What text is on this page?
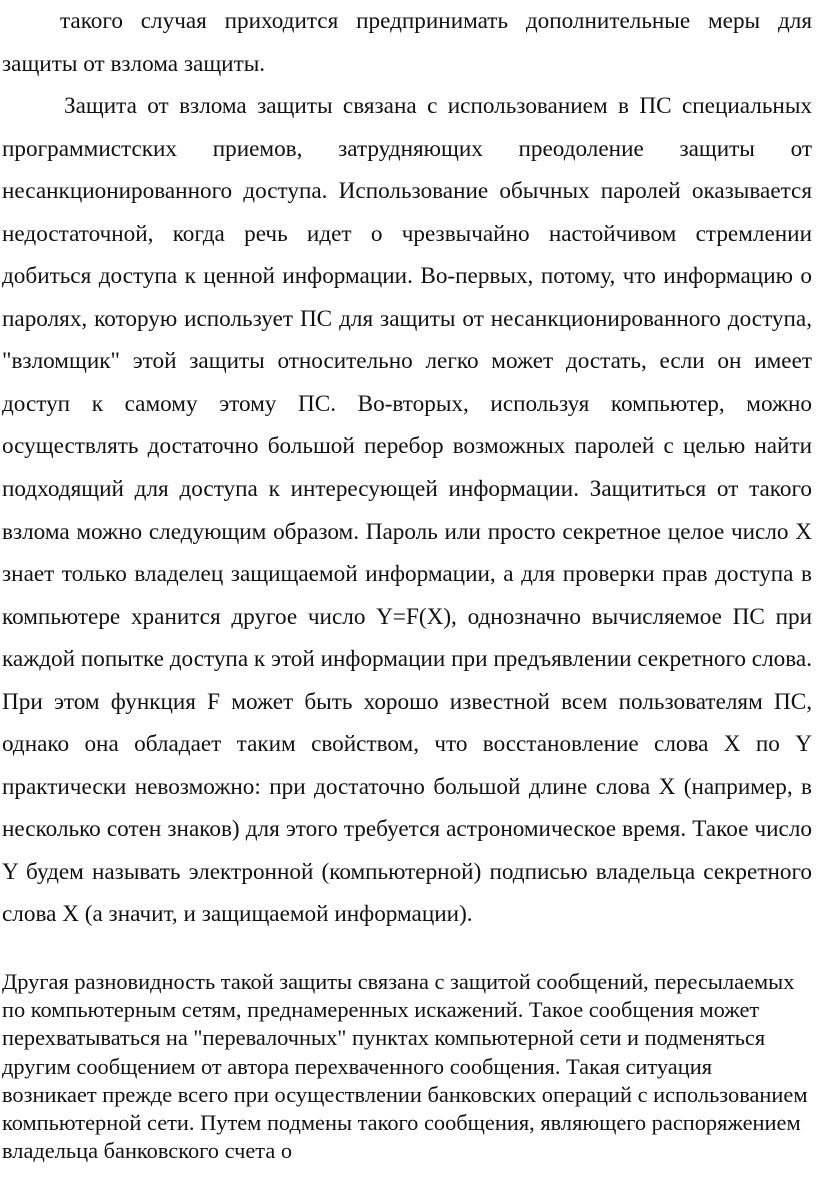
такого случая приходится предпринимать дополнительные меры для защиты от взлома защиты.

Защита от взлома защиты связана с использованием в ПС специальных программистских приемов, затрудняющих преодоление защиты от несанкционированного доступа. Использование обычных паролей оказывается недостаточной, когда речь идет о чрезвычайно настойчивом стремлении добиться доступа к ценной информации. Во-первых, потому, что информацию о паролях, которую использует ПС для защиты от несанкционированного доступа, "взломщик" этой защиты относительно легко может достать, если он имеет доступ к самому этому ПС. Во-вторых, используя компьютер, можно осуществлять достаточно большой перебор возможных паролей с целью найти подходящий для доступа к интересующей информации. Защититься от такого взлома можно следующим образом. Пароль или просто секретное целое число X знает только владелец защищаемой информации, а для проверки прав доступа в компьютере хранится другое число Y=F(X), однозначно вычисляемое ПС при каждой попытке доступа к этой информации при предъявлении секретного слова. При этом функция F может быть хорошо известной всем пользователям ПС, однако она обладает таким свойством, что восстановление слова X по Y практически невозможно: при достаточно большой длине слова X (например, в несколько сотен знаков) для этого требуется астрономическое время. Такое число Y будем называть электронной (компьютерной) подписью владельца секретного слова X (а значит, и защищаемой информации).

Другая разновидность такой защиты связана с защитой сообщений, пересылаемых по компьютерным сетям, преднамеренных искажений. Такое сообщения может перехватываться на "перевалочных" пунктах компьютерной сети и подменяться другим сообщением от автора перехваченного сообщения. Такая ситуация возникает прежде всего при осуществлении банковских операций с использованием компьютерной сети. Путем подмены такого сообщения, являющего распоряжением владельца банковского счета о
